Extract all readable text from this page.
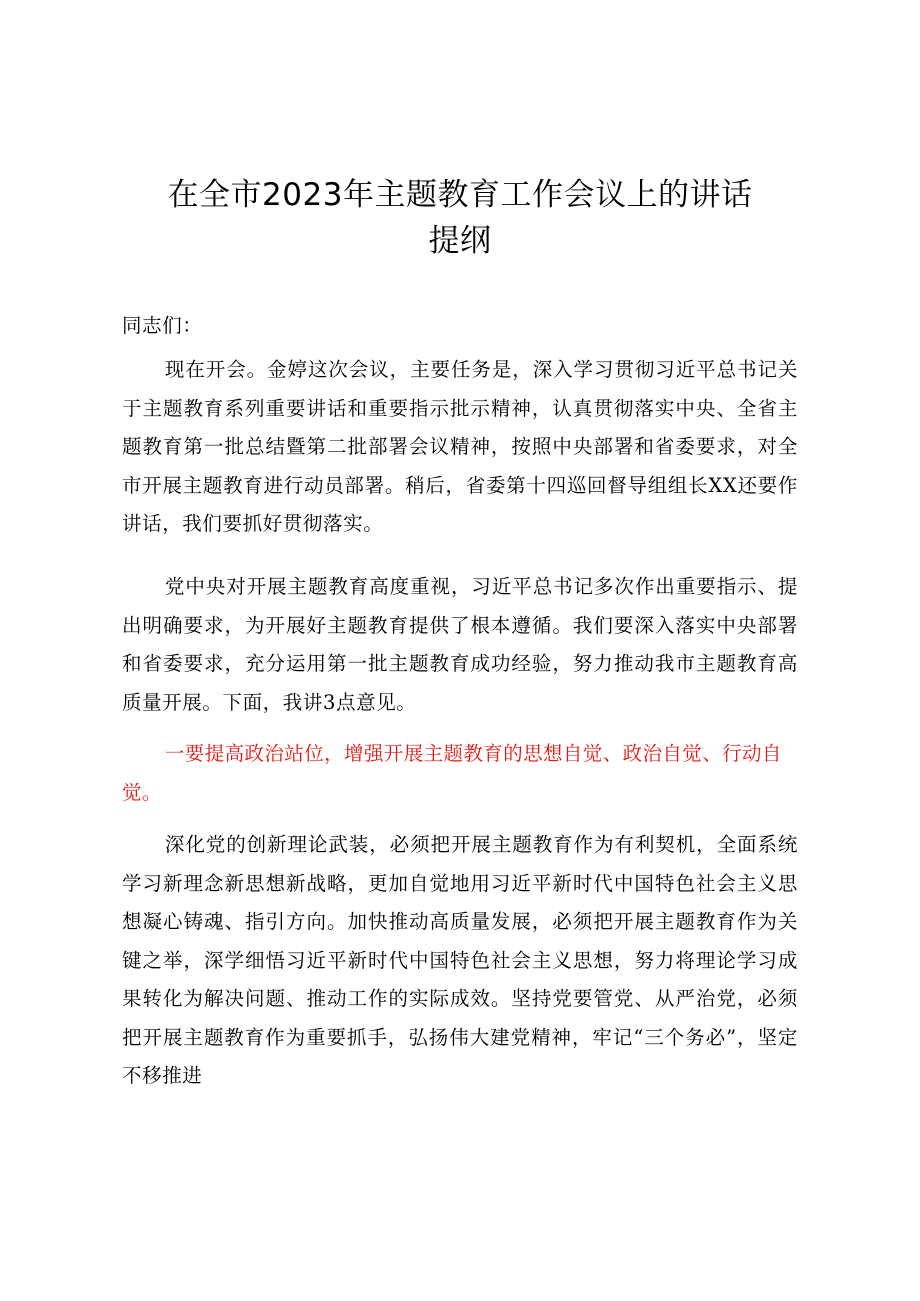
在全市2023年主题教育工作会议上的讲话
提纲

同志们：

现在开会。金婷这次会议，主要任务是，深入学习贯彻习近平总书记关于主题教育系列重要讲话和重要指示批示精神，认真贯彻落实中央、全省主题教育第一批总结暨第二批部署会议精神，按照中央部署和省委要求，对全市开展主题教育进行动员部署。稍后，省委第十四巡回督导组组长XX还要作讲话，我们要抓好贯彻落实。

党中央对开展主题教育高度重视，习近平总书记多次作出重要指示、提出明确要求，为开展好主题教育提供了根本遵循。我们要深入落实中央部署和省委要求，充分运用第一批主题教育成功经验，努力推动我市主题教育高质量开展。下面，我讲3点意见。

一要提高政治站位，增强开展主题教育的思想自觉、政治自觉、行动自觉。

深化党的创新理论武装，必须把开展主题教育作为有利契机，全面系统学习新理念新思想新战略，更加自觉地用习近平新时代中国特色社会主义思想凝心铸魂、指引方向。加快推动高质量发展，必须把开展主题教育作为关键之举，深学细悟习近平新时代中国特色社会主义思想，努力将理论学习成果转化为解决问题、推动工作的实际成效。坚持党要管党、从严治党，必须把开展主题教育作为重要抓手，弘扬伟大建党精神，牢记“三个务必”，坚定不移推进
